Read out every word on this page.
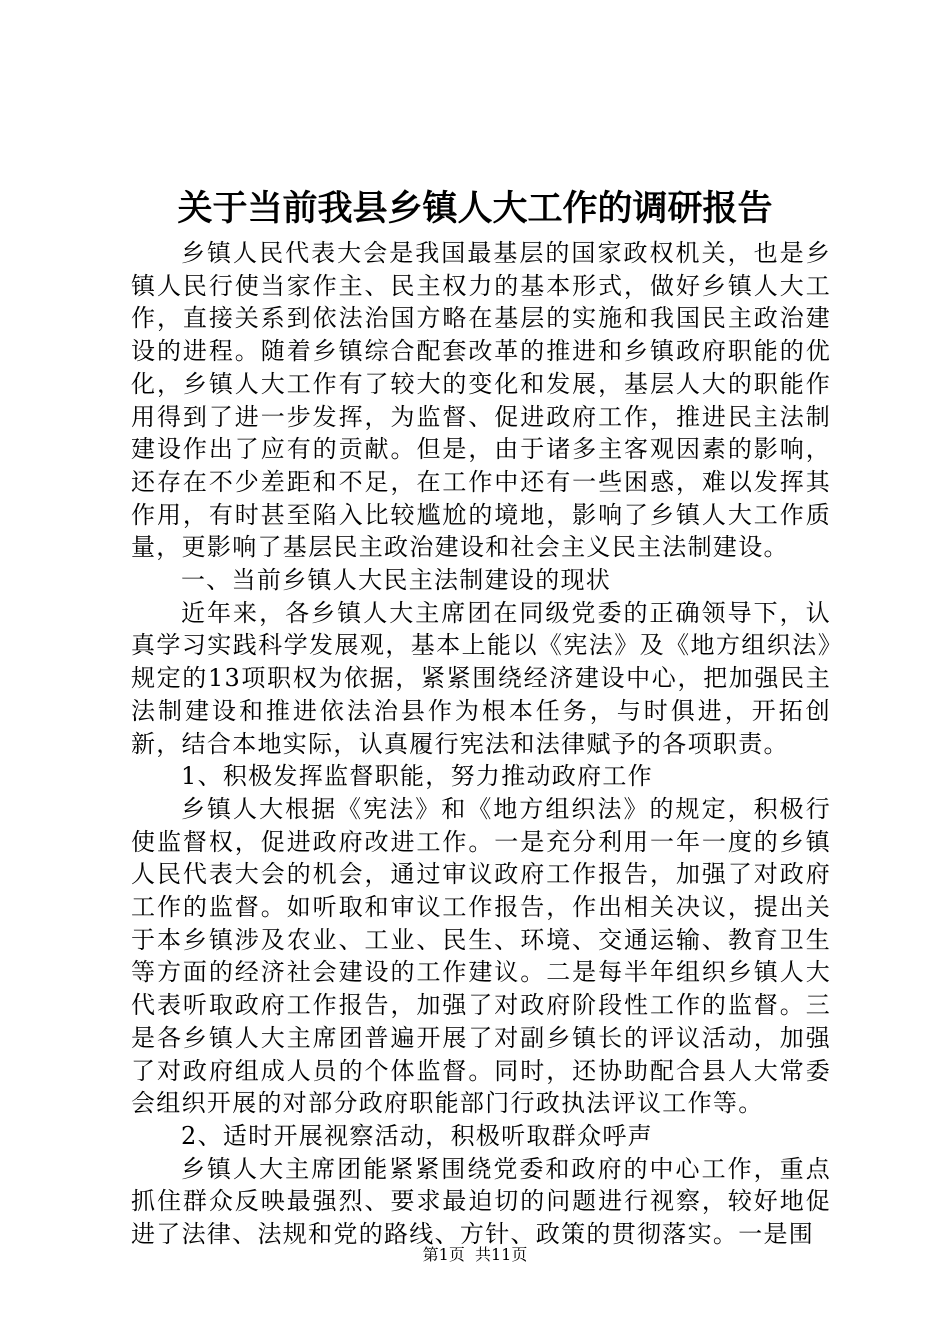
关于当前我县乡镇人大工作的调研报告

乡镇人民代表大会是我国最基层的国家政权机关，也是乡镇人民行使当家作主、民主权力的基本形式，做好乡镇人大工作，直接关系到依法治国方略在基层的实施和我国民主政治建设的进程。随着乡镇综合配套改革的推进和乡镇政府职能的优化，乡镇人大工作有了较大的变化和发展，基层人大的职能作用得到了进一步发挥，为监督、促进政府工作，推进民主法制建设作出了应有的贡献。但是，由于诸多主客观因素的影响，还存在不少差距和不足，在工作中还有一些困惑，难以发挥其作用，有时甚至陷入比较尴尬的境地，影响了乡镇人大工作质量，更影响了基层民主政治建设和社会主义民主法制建设。

一、当前乡镇人大民主法制建设的现状

近年来，各乡镇人大主席团在同级党委的正确领导下，认真学习实践科学发展观，基本上能以《宪法》及《地方组织法》规定的13项职权为依据，紧紧围绕经济建设中心，把加强民主法制建设和推进依法治县作为根本任务，与时俱进，开拓创新，结合本地实际，认真履行宪法和法律赋予的各项职责。

1、积极发挥监督职能，努力推动政府工作

乡镇人大根据《宪法》和《地方组织法》的规定，积极行使监督权，促进政府改进工作。一是充分利用一年一度的乡镇人民代表大会的机会，通过审议政府工作报告，加强了对政府工作的监督。如听取和审议工作报告，作出相关决议，提出关于本乡镇涉及农业、工业、民生、环境、交通运输、教育卫生等方面的经济社会建设的工作建议。二是每半年组织乡镇人大代表听取政府工作报告，加强了对政府阶段性工作的监督。三是各乡镇人大主席团普遍开展了对副乡镇长的评议活动，加强了对政府组成人员的个体监督。同时，还协助配合县人大常委会组织开展的对部分政府职能部门行政执法评议工作等。

2、适时开展视察活动，积极听取群众呼声

乡镇人大主席团能紧紧围绕党委和政府的中心工作，重点抓住群众反映最强烈、要求最迫切的问题进行视察，较好地促进了法律、法规和党的路线、方针、政策的贯彻落实。一是围

第1页  共11页
